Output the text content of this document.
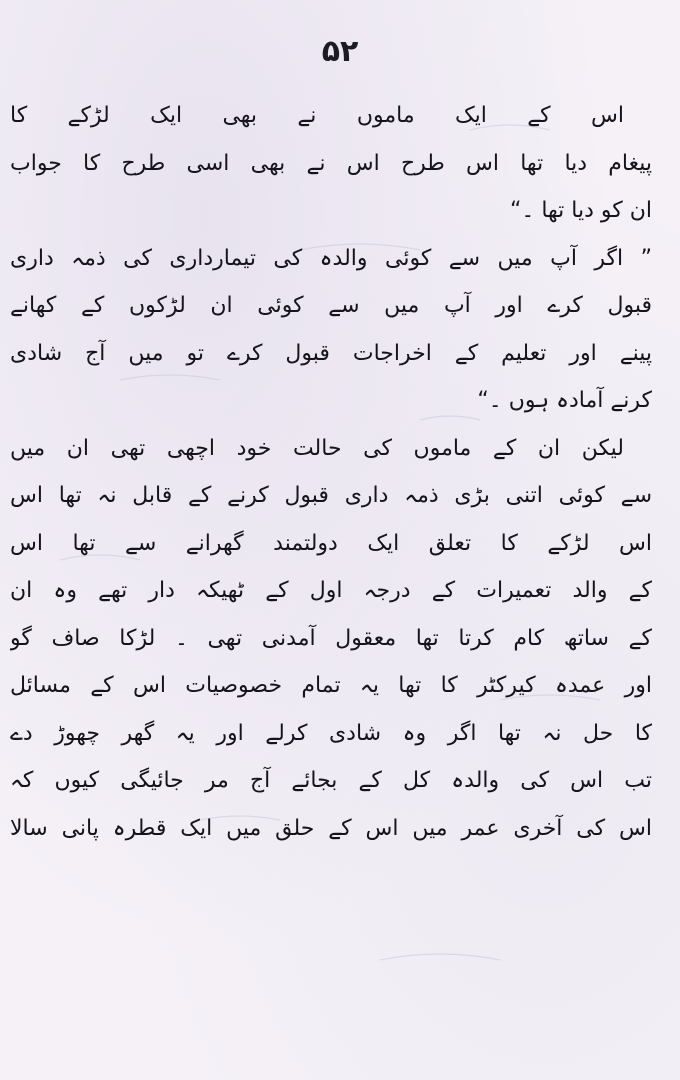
۵۲
اس کے ایک ماموں نے بھی ایک لڑکے کا
پیغام دیا تھا اس طرح اس نے بھی اسی طرح کا جواب
ان کو دیا تھا ۔“
” اگر آپ میں سے کوئی والدہ کی تیمارداری کی ذمہ داری
قبول کرے اور آپ میں سے کوئی ان لڑکوں کے کھانے
پینے اور تعلیم کے اخراجات قبول کرے تو میں آج شادی
کرنے آمادہ ہوں ۔“
لیکن ان کے ماموں کی حالت خود اچھی تھی ان میں
سے کوئی اتنی بڑی ذمہ داری قبول کرنے کے قابل نہ تھا اس
اس لڑکے کا تعلق ایک دولتمند گھرانے سے تھا اس
کے والد تعمیرات کے درجہ اول کے ٹھیکہ دار تھے وہ ان
کے ساتھ کام کرتا تھا معقول آمدنی تھی ۔ لڑکا صاف گو
اور عمدہ کیرکٹر کا تھا یہ تمام خصوصیات اس کے مسائل
کا حل نہ تھا اگر وہ شادی کرلے اور یہ گھر چھوڑ دے
تب اس کی والدہ کل کے بجائے آج مر جائیگی کیوں کہ
اس کی آخری عمر میں اس کے حلق میں ایک قطرہ پانی سالا
